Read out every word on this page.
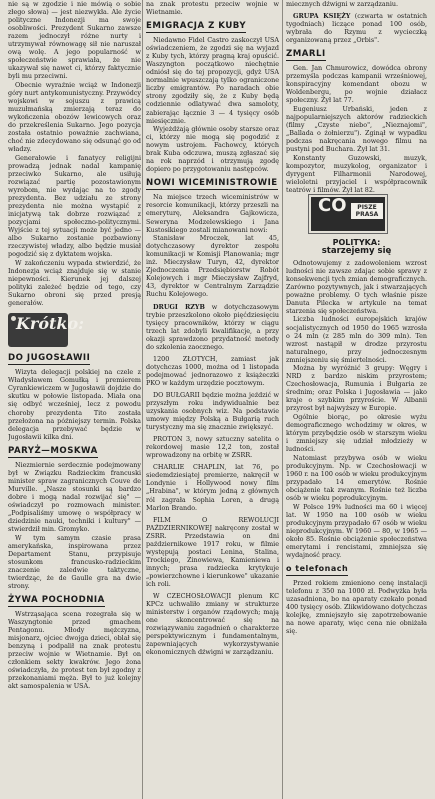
nie są w zgodzie i nie mówią o sobie złego słowa) — jest niezwykła. Ale życie polityczne Indonezji ma swoje osobliwości. Prezydent Sukarno zawsze razem jednoczył różne nurty i utrzymywał równowagę sił nie naruszał ową wolę. A jego popularność w społeczeństwie sprawiała, że nie ukazywał się nawet ci, którzy faktycznie byli mu przeciwni.

Obecnie wyraźnie wciąż w Indonezji góry nurt antykomunistyczny. Przywódcy wojskowi w sojuszu z prawicą muzułmańską zmierzają teraz do wykończenia obozów lewicowych oraz do przekreślenia Sukarno. Jego pozycja została ostatnio poważnie zachwiana, choć nie zdecydowano się odsunąć go od władzy.

Generałowie i fanatycy religijni prowadzą jednak nadal kampanię przeciwko Sukarno, ale usiłują rozwiązać partię pozostawionym wyrobom, nie wydając na to zgody prezydenta. Bez udziału ze strony prezydenta nie można wystąpić z inicjatywą tak dobrze rozwiązać z pozycjami społeczno-politycznymi. Wyjście z tej sytuacji może być jedno — albo Sukarno zostanie pozbawiony rzeczywistej władzy, albo będzie musiał pogodzić się z dyktatem wojska.

W zakończeniu wypada stwierdzić, że Indonezja wciąż znajduje się w stanie niepewności. Kierunek jej dalszej polityki zależeć będzie od tego, czy Sukarno obroni się przed presją generałów.

Krótko:
DO JUGOSŁAWII

Wizyta delegacji polskiej na czele z Władysławem Gomułką i premierem Cyrankiewiczem w Jugosławii dojdzie do skutku w połowie listopada. Miała ona się odbyć wcześniej, lecz z powodu choroby prezydenta Tito została przełożona na późniejszy termin. Polska delegacja przebywać będzie w Jugosławii kilka dni.

PARYŻ—MOSKWA

Niezmiernie serdecznie podejmowany był w Związku Radzieckim francuski minister spraw zagranicznych Couve de Murville. „Nasze stosunki są bardzo dobre i mogą nadal rozwijać się" — oświadczył po rozmowach minister. „Podpisaliśmy umowę o współpracy w dziedzinie nauki, techniki i kultury" — stwierdził min. Gromyko.

W tym samym czasie prasa amerykańska, inspirowana przez Departament Stanu, przypisuje stosunkom francusko-radzieckim znaczenie zaledwie taktyczne, twierdząc, że de Gaulle gra na dwie strony.

ŻYWA POCHODNIA

Wstrząsająca scena rozegrała się w Waszyngtonie przed gmachem Pentagonu. Młody mężczyzna, misjonarz, ojciec dwojga dzieci, oblał się benzyną i podpalił na znak protestu przeciw wojnie w Wietnamie. Był on członkiem sekty kwakrów. Jego żona oświadczyła, że protest ten był zgodny z przekonaniami męża. Był to już kolejny akt samospalenia w USA.

na znak protestu przeciw wojnie w Wietnamie.

EMIGRACJA Z KUBY

Niedawno Fidel Castro zaskoczył USA oświadczeniem, że zgodzi się na wyjazd z Kuby tych, którzy pragną kraj opuścić. Waszyngton początkowo niechętnie odniósł się do tej propozycji, gdyż USA normalnie wpuszczają tylko ograniczone liczby emigrantów. Po naradach obie strony zgodziły się, że z Kuby będą codziennie odlatywać dwa samoloty, zabierając łącznie 3 — 4 tysięcy osób miesięcznie.

Wyjeżdżają głównie osoby starsze oraz ci, którzy nie mogą się pogodzić z nowym ustrojem. Fachowcy, których brak Kuba odczuwa, muszą zgłaszać się na rok naprzód i otrzymują zgodę dopiero po przygotowaniu następców.

NOWI WICEMINISTROWIE

Na miejsce trzech wiceministrów w resorcie komunikacji, którzy przeszli na emeryturę, Aleksandra Gajkowicza, Seweryna Modzelewskiego i Jana Kustosikiego zostali mianowani nowi:

Stanisław Mroczek, lat 45, dotychczasowy dyrektor zespołu komunikacji w Komisji Planowania; mgr inż. Mieczysław Turyn, 42, dyrektor Zjednoczenia Przedsiębiorstw Robót Kolejowych i mgr Mieczysław Zajfryd, 43, dyrektor w Centralnym Zarządzie Ruchu Kolejowego.

DRUGI RZYB w dotychczasowym trybie przeszkolono około pięćdziesięciu tysięcy pracowników, którzy w ciągu trzech lat zdobyli kwalifikacje, a przy okazji sprawdzono przydatność metody do szkolenia zaocznego.

1200 ZŁOTYCH, zamiast jak dotychczas 1000, można od 1 listopada podejmować jednorazowo z książeczki PKO w każdym urzędzie pocztowym.

DO BUŁGARII będzie można jeździć w przyszłym roku indywidualnie bez uzyskania osobnych wiz. Na podstawie umowy między Polską a Bułgarią ruch turystyczny ma się znacznie zwiększyć.

PROTON 3, nowy sztuczny satelita o rekordowej masie 12,2 ton, został wprowadzony na orbitę w ZSRR.

CHARLIE CHAPLIN, lat 76, po siedemdziesiątej premierze, nakręcił w Londynie i Hollywood nowy film „Hrabina", w którym jedną z głównych ról zagrała Sophia Loren, a drugą Marlon Brando.

FILM O REWOLUCJI PAŹDZIERNIKOWEJ nakręcony został w ZSRR. Przedstawia on dni październikowe 1917 roku, w filmie występują postaci Lenina, Stalina, Trockiego, Zinowiewa, Kamieniewa i innych; prasa radziecka krytykuje „powierzchowne i kierunkowe" ukazanie ich roli.

W CZECHOSŁOWACJI plenum KC KPCz uchwaliło zmiany w strukturze ministerstw i organów rządowych; mają one skoncentrować się na rozwiązywaniu zagadnień o charakterze perspektywicznym i fundamentalnym, zapewniających wykorzystywanie ekonomicznych dźwigni w zarządzaniu.

miecznych dźwigni w zarządzaniu.

GRUPA KSIĘŻY (czwarta w ostatnich tygodniach) liczące ponad 100 osób, wybrała do Rzymu z wycieczką organizowaną przez „Orbis".

ZMARLI

Gen. Jan Chmurowicz, dowódca obrony przemyśla podczas kampanii wrześniowej, konspiracyjny komendant obozu w Woldenbergu, po wojnie działacz społeczny. Żył lat 77.

Eugeniusz Urbański, jeden z najpopularniejszych aktorów radzieckich (filmy „Czyste niebo", „Nieznajomi", „Ballada o żołnierzu"). Zginął w wypadku podczas nakręcania nowego filmu na pustyni pod Buchara. Żył lat 31.

Konstanty Guzowski, muzyk, kompozytor, muzykolog, organizator i dyrygent Filharmonii Narodowej, wieloletni przyjaciel i współpracownik teatrów i filmów. Żył lat 82.

CO	PISZE PRASA
POLITYKA:
starzejemy się

Odnotowujemy z zadowoleniem wzrost ludności nie zawsze zdając sobie sprawy z konsekwencji tych zmian demograficznych. Zarówno pozytywnych, jak i stwarzających poważne problemy. O tych właśnie pisze Danuta Pilecka w artykule na temat starzenia się społeczeństwa.

Liczba ludności europejskich krajów socjalistycznych od 1950 do 1965 wzrosła o 24 mln (z 285 mln do 309 mln). Ten wzrost nastąpił w drodze przyrostu naturalnego, przy jednoczesnym zmniejszeniu się śmiertelności.

Można by wyróżnić 3 grupy: Węgry i NRD z bardzo niskim przyrostem; Czechosłowacja, Rumunia i Bułgaria ze średnim; oraz Polska i Jugosławia — jako kraje o szybkim przyroście. W Albanii przyrost był najwyższy w Europie.

Ogólnie biorąc, po okresie wyżu demograficznego wchodzimy w okres, w którym przybędzie osób w starszym wieku i zmniejszy się udział młodzieży w ludności.

Natomiast przybywa osób w wieku produkcyjnym. Np. w Czechosłowacji w 1960 r. na 100 osób w wieku produkcyjnym przypadało 14 emerytów. Rośnie obciążenie tak zwanym. Rośnie też liczba osób w wieku poprodukcyjnym.

W Polsce 19% ludności ma 60 i więcej lat. W 1950 na 100 osób w wieku produkcyjnym przypadało 67 osób w wieku nieprodukcyjnym. W 1960 — 80, w 1965 — około 85. Rośnie obciążenie społeczeństwa emerytami i rencistami, zmniejsza się wydajność pracy.

o telefonach

Przed rokiem zmieniono cenę instalacji telefonu z 350 na 1000 zł. Podwyżka była uzasadniona, bo na aparaty czekało ponad 400 tysięcy osób. Zlikwidowano dotychczas kolejkę, zmniejszyło się zapotrzebowanie na nowe aparaty, więc cena nie obniżała się.
